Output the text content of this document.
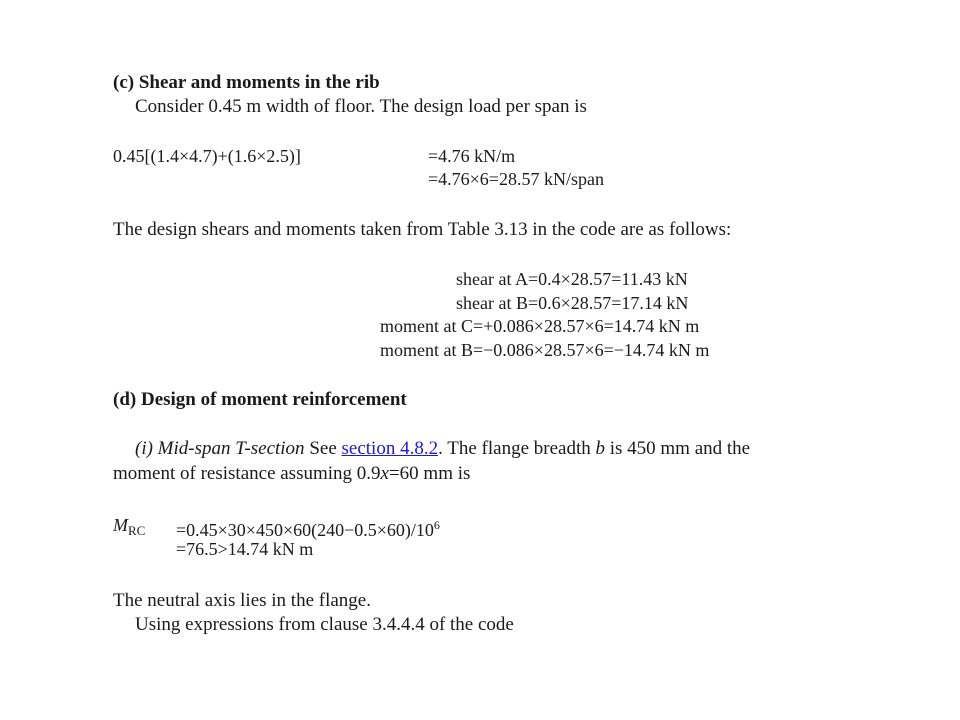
(c) Shear and moments in the rib
Consider 0.45 m width of floor. The design load per span is
0.45[(1.4×4.7)+(1.6×2.5)]	=4.76 kN/m
=4.76×6=28.57 kN/span
The design shears and moments taken from Table 3.13 in the code are as follows:
shear at A=0.4×28.57=11.43 kN
shear at B=0.6×28.57=17.14 kN
moment at C=+0.086×28.57×6=14.74 kN m
moment at B=−0.086×28.57×6=−14.74 kN m
(d) Design of moment reinforcement
(i) Mid-span T-section See section 4.8.2. The flange breadth b is 450 mm and the
moment of resistance assuming 0.9x=60 mm is
$M_{RC} =0.45\times 30\times 450\times 60(240-0.5\times 60)/10^6$
=76.5>14.74 kN m
The neutral axis lies in the flange.
Using expressions from clause 3.4.4.4 of the code
